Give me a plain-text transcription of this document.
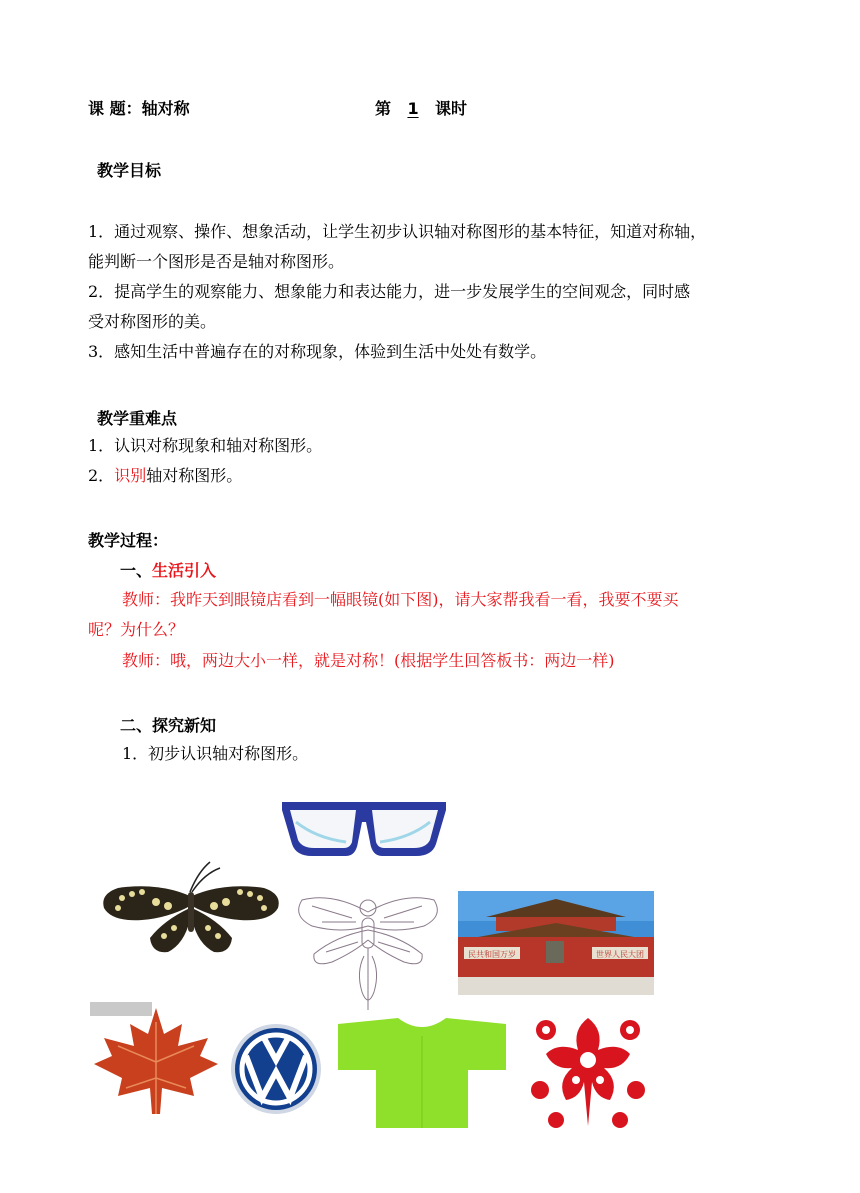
课 题：轴对称	第 1 课时
教学目标
1．通过观察、操作、想象活动，让学生初步认识轴对称图形的基本特征，知道对称轴，
能判断一个图形是否是轴对称图形。
2．提高学生的观察能力、想象能力和表达能力，进一步发展学生的空间观念，同时感
受对称图形的美。
3．感知生活中普遍存在的对称现象，体验到生活中处处有数学。
教学重难点
1．认识对称现象和轴对称图形。
2．识别轴对称图形。
教学过程：
一、生活引入
教师：我昨天到眼镜店看到一幅眼镜(如下图)，请大家帮我看一看，我要不要买
呢？为什么？
教师：哦，两边大小一样，就是对称！(根据学生回答板书：两边一样)
二、探究新知
1．初步认识轴对称图形。
民共和国万岁	世界人民大团
